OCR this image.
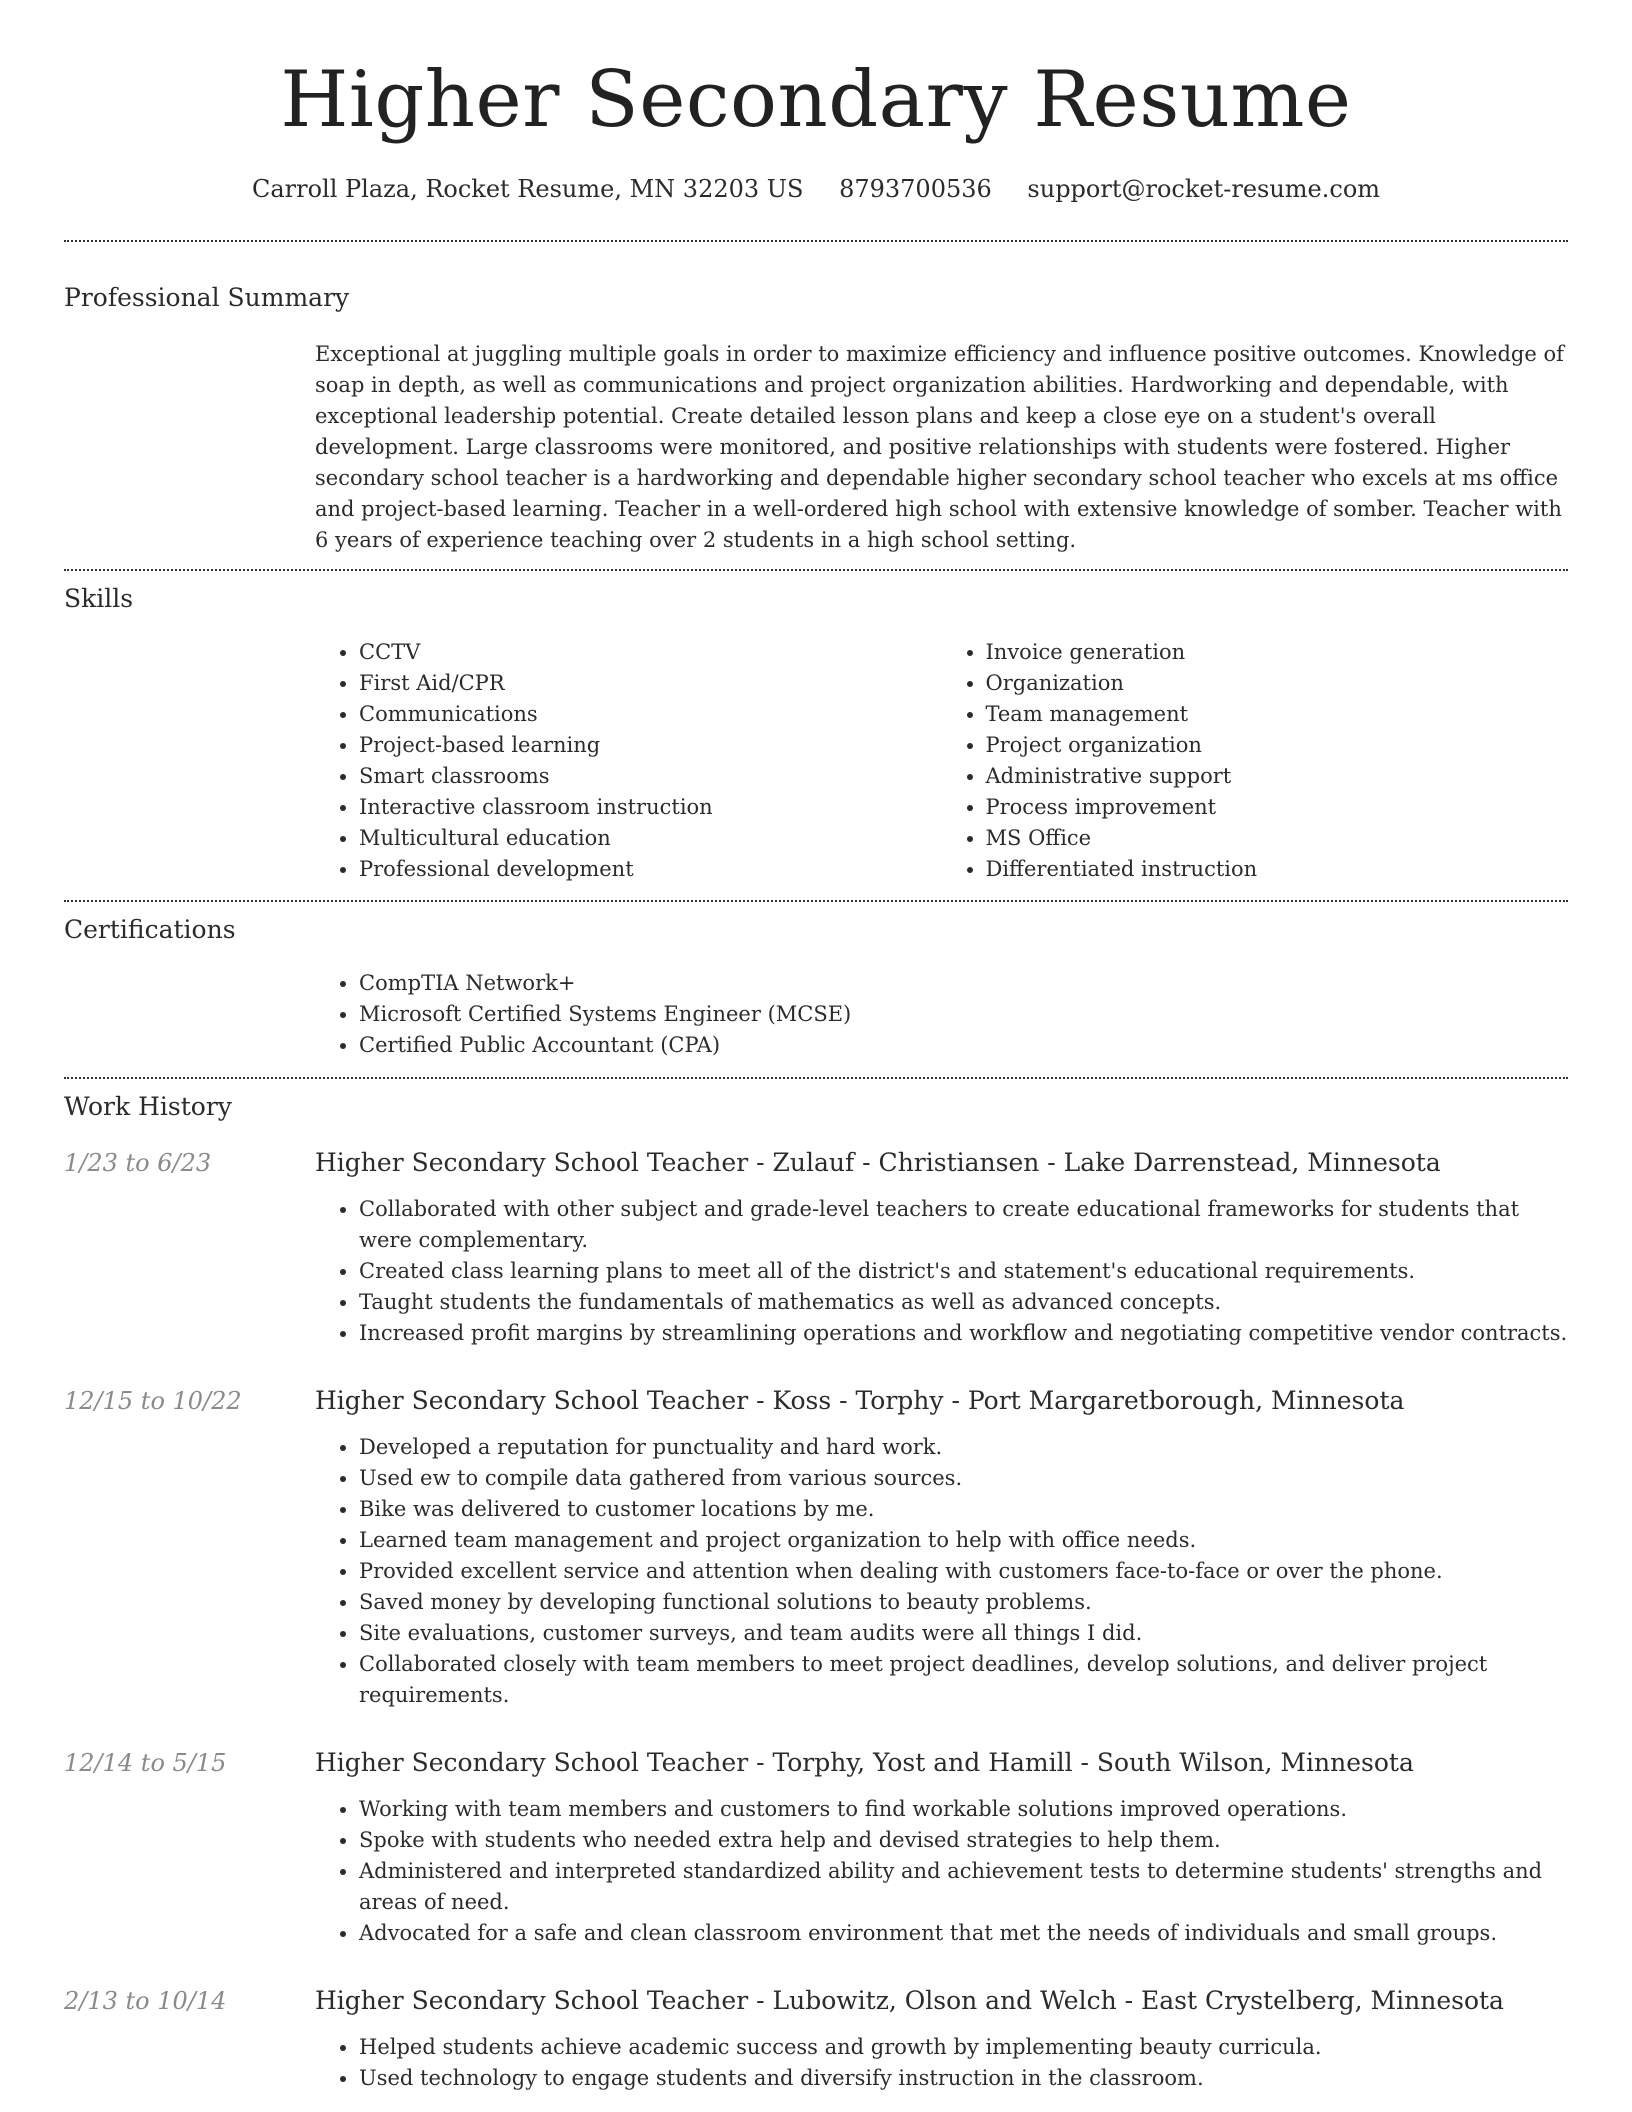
Higher Secondary Resume
Carroll Plaza, Rocket Resume, MN 32203 US 8793700536 support@rocket-resume.com
Professional Summary

Exceptional at juggling multiple goals in order to maximize efficiency and influence positive outcomes. Knowledge of soap in depth, as well as communications and project organization abilities. Hardworking and dependable, with exceptional leadership potential. Create detailed lesson plans and keep a close eye on a student's overall development. Large classrooms were monitored, and positive relationships with students were fostered. Higher secondary school teacher is a hardworking and dependable higher secondary school teacher who excels at ms office and project-based learning. Teacher in a well-ordered high school with extensive knowledge of somber. Teacher with 6 years of experience teaching over 2 students in a high school setting.

Skills
• CCTV
• First Aid/CPR
• Communications
• Project-based learning
• Smart classrooms
• Interactive classroom instruction
• Multicultural education
• Professional development
• Invoice generation
• Organization
• Team management
• Project organization
• Administrative support
• Process improvement
• MS Office
• Differentiated instruction
Certifications
• CompTIA Network+
• Microsoft Certified Systems Engineer (MCSE)
• Certified Public Accountant (CPA)
Work History
1/23 to 6/23	Higher Secondary School Teacher - Zulauf - Christiansen - Lake Darrenstead, Minnesota
• Collaborated with other subject and grade-level teachers to create educational frameworks for students that were complementary.
• Created class learning plans to meet all of the district's and statement's educational requirements.
• Taught students the fundamentals of mathematics as well as advanced concepts.
• Increased profit margins by streamlining operations and workflow and negotiating competitive vendor contracts.
12/15 to 10/22	Higher Secondary School Teacher - Koss - Torphy - Port Margaretborough, Minnesota
• Developed a reputation for punctuality and hard work.
• Used ew to compile data gathered from various sources.
• Bike was delivered to customer locations by me.
• Learned team management and project organization to help with office needs.
• Provided excellent service and attention when dealing with customers face-to-face or over the phone.
• Saved money by developing functional solutions to beauty problems.
• Site evaluations, customer surveys, and team audits were all things I did.
• Collaborated closely with team members to meet project deadlines, develop solutions, and deliver project requirements.
12/14 to 5/15	Higher Secondary School Teacher - Torphy, Yost and Hamill - South Wilson, Minnesota
• Working with team members and customers to find workable solutions improved operations.
• Spoke with students who needed extra help and devised strategies to help them.
• Administered and interpreted standardized ability and achievement tests to determine students' strengths and areas of need.
• Advocated for a safe and clean classroom environment that met the needs of individuals and small groups.
2/13 to 10/14	Higher Secondary School Teacher - Lubowitz, Olson and Welch - East Crystelberg, Minnesota
• Helped students achieve academic success and growth by implementing beauty curricula.
• Used technology to engage students and diversify instruction in the classroom.
